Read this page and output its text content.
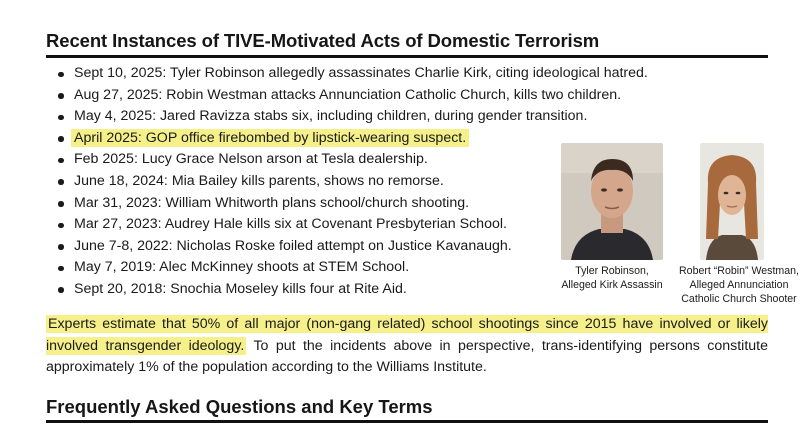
Recent Instances of TIVE-Motivated Acts of Domestic Terrorism
Sept 10, 2025: Tyler Robinson allegedly assassinates Charlie Kirk, citing ideological hatred.
Aug 27, 2025: Robin Westman attacks Annunciation Catholic Church, kills two children.
May 4, 2025: Jared Ravizza stabs six, including children, during gender transition.
April 2025: GOP office firebombed by lipstick-wearing suspect.
Feb 2025: Lucy Grace Nelson arson at Tesla dealership.
June 18, 2024: Mia Bailey kills parents, shows no remorse.
Mar 31, 2023: William Whitworth plans school/church shooting.
Mar 27, 2023: Audrey Hale kills six at Covenant Presbyterian School.
June 7-8, 2022: Nicholas Roske foiled attempt on Justice Kavanaugh.
May 7, 2019: Alec McKinney shoots at STEM School.
Sept 20, 2018: Snochia Moseley kills four at Rite Aid.
Tyler Robinson,
Alleged Kirk Assassin
Robert “Robin” Westman,
Alleged Annunciation
Catholic Church Shooter
Experts estimate that 50% of all major (non-gang related) school shootings since 2015 have involved or likely involved transgender ideology. To put the incidents above in perspective, trans-identifying persons constitute approximately 1% of the population according to the Williams Institute.
Frequently Asked Questions and Key Terms
